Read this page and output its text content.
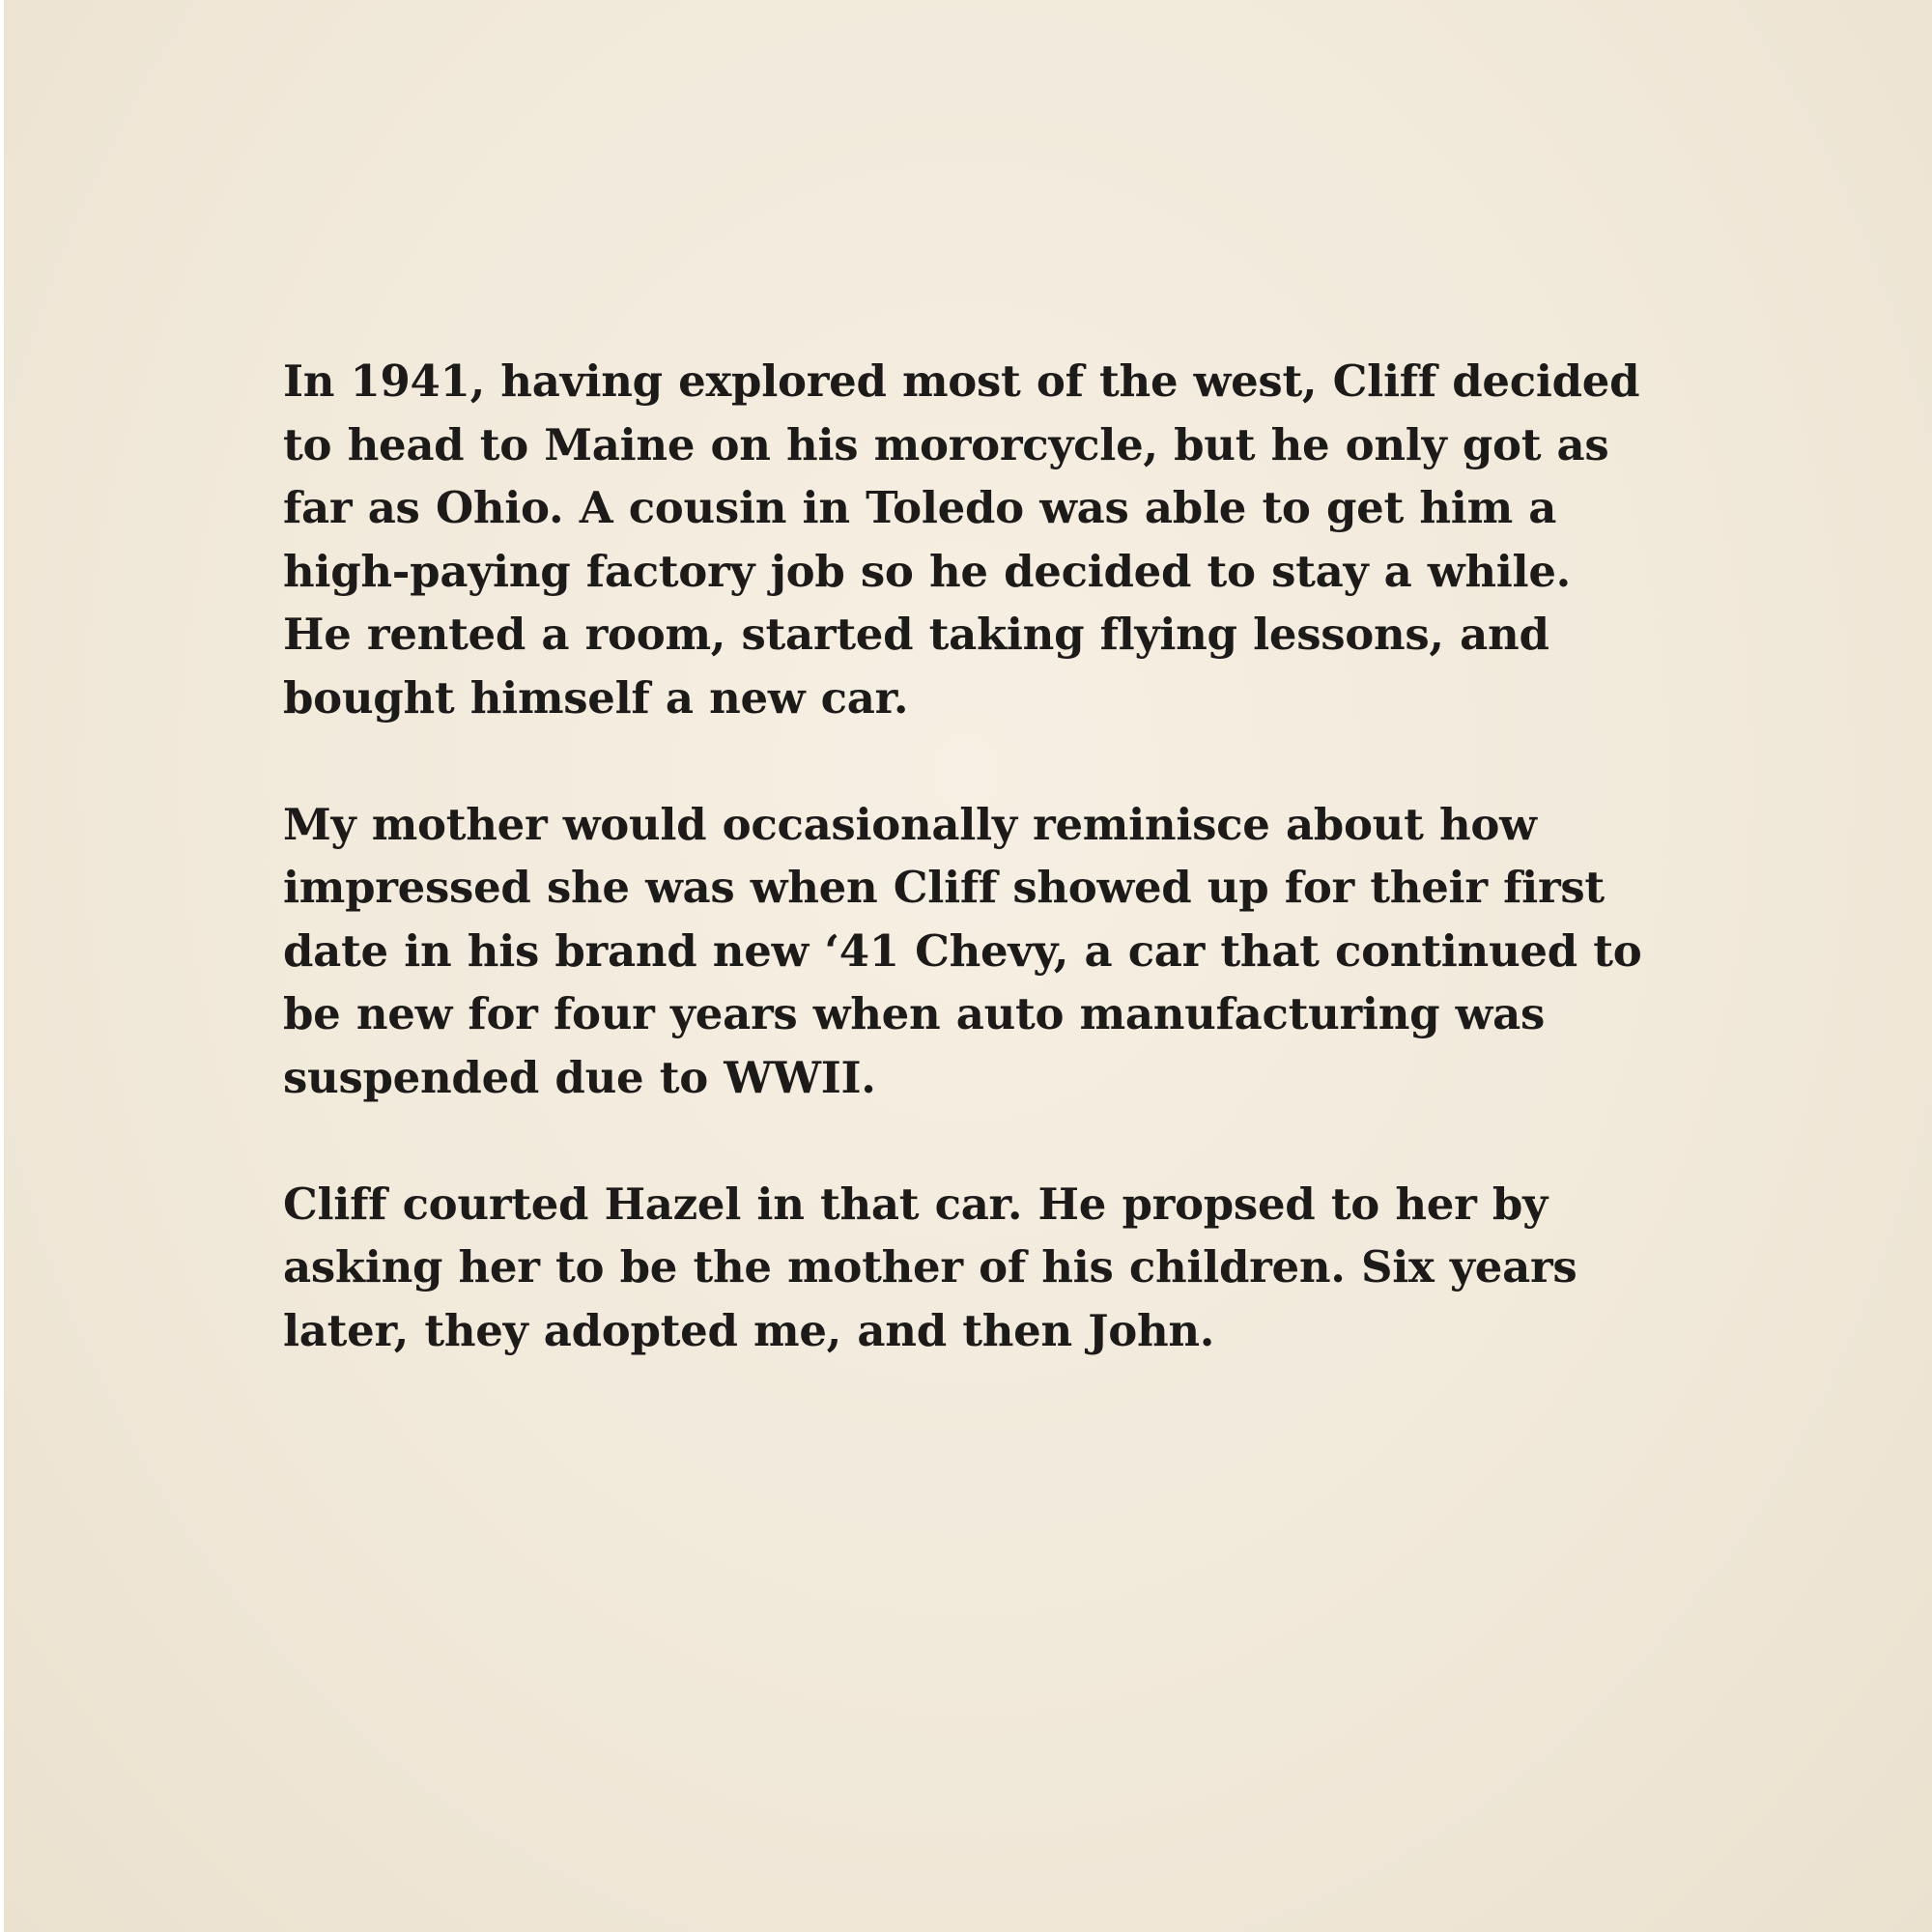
In 1941, having explored most of the west, Cliff decided
to head to Maine on his mororcycle, but he only got as
far as Ohio. A cousin in Toledo was able to get him a
high-paying factory job so he decided to stay a while.
He rented a room, started taking flying lessons, and
bought himself a new car.

My mother would occasionally reminisce about how
impressed she was when Cliff showed up for their first
date in his brand new ‘41 Chevy, a car that continued to
be new for four years when auto manufacturing was
suspended due to WWII.

Cliff courted Hazel in that car. He propsed to her by
asking her to be the mother of his children. Six years
later, they adopted me, and then John.
